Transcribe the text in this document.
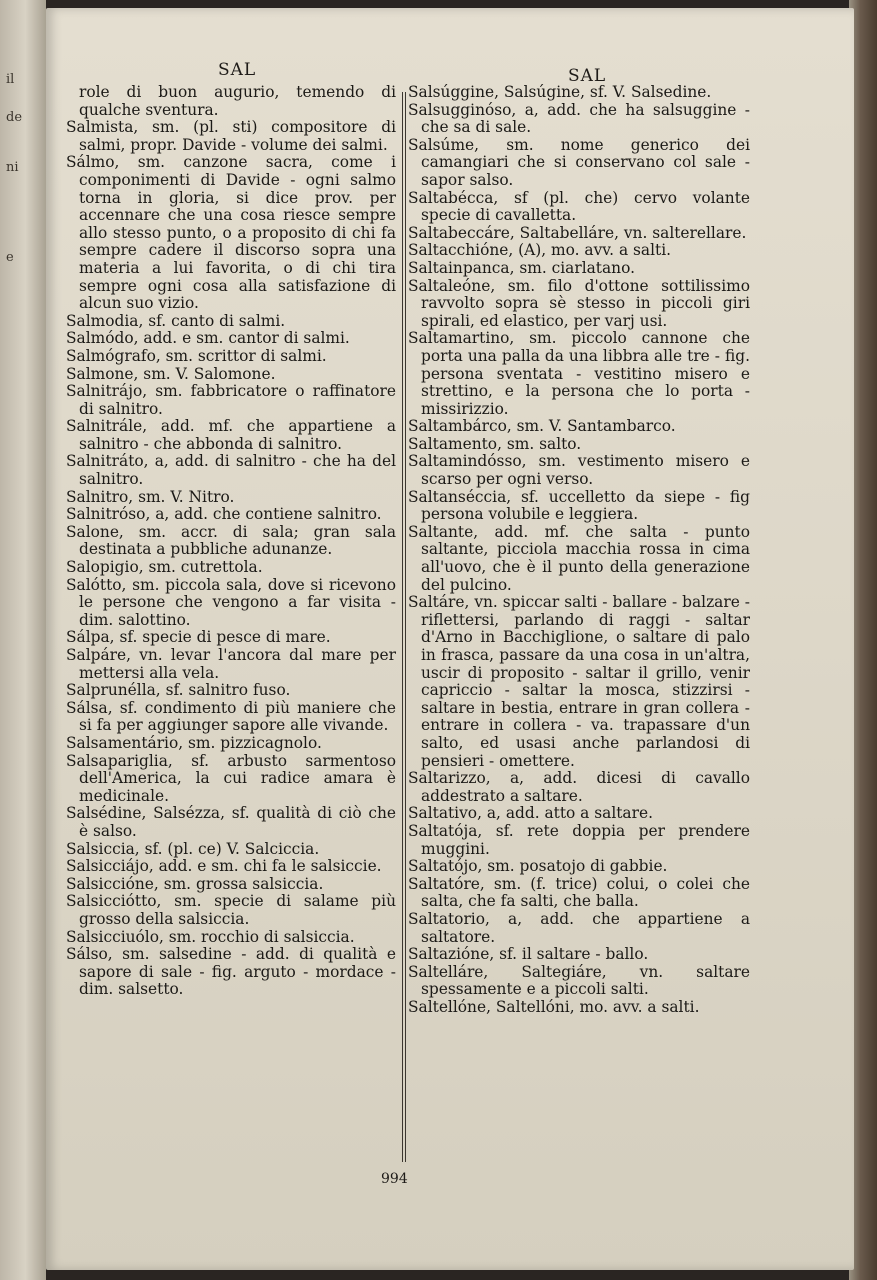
il
de
ni
e
SAL	SAL

role di buon augurio, temendo di qualche sventura.

Salmista, sm. (pl. sti) compositore di salmi, propr. Davide - volume dei salmi.

Sálmo, sm. canzone sacra, come i componimenti di Davide - ogni salmo torna in gloria, si dice prov. per accennare che una cosa riesce sempre allo stesso punto, o a proposito di chi fa sempre cadere il discorso sopra una materia a lui favorita, o di chi tira sempre ogni cosa alla satisfazione di alcun suo vizio.

Salmodia, sf. canto di salmi.

Salmódo, add. e sm. cantor di salmi.

Salmógrafo, sm. scrittor di salmi.

Salmone, sm. V. Salomone.

Salnitrájo, sm. fabbricatore o raffinatore di salnitro.

Salnitrále, add. mf. che appartiene a salnitro - che abbonda di salnitro.

Salnitráto, a, add. di salnitro - che ha del salnitro.

Salnitro, sm. V. Nitro.

Salnitróso, a, add. che contiene salnitro.

Salone, sm. accr. di sala; gran sala destinata a pubbliche adunanze.

Salopigio, sm. cutrettola.

Salótto, sm. piccola sala, dove si ricevono le persone che vengono a far visita - dim. salottino.

Sálpa, sf. specie di pesce di mare.

Salpáre, vn. levar l'ancora dal mare per mettersi alla vela.

Salprunélla, sf. salnitro fuso.

Sálsa, sf. condimento di più maniere che si fa per aggiunger sapore alle vivande.

Salsamentário, sm. pizzicagnolo.

Salsapariglia, sf. arbusto sarmentoso dell'America, la cui radice amara è medicinale.

Salsédine, Salsézza, sf. qualità di ciò che è salso.

Salsiccia, sf. (pl. ce) V. Salciccia.

Salsicciájo, add. e sm. chi fa le salsiccie.

Salsiccióne, sm. grossa salsiccia.

Salsicciótto, sm. specie di salame più grosso della salsiccia.

Salsicciuólo, sm. rocchio di salsiccia.

Sálso, sm. salsedine - add. di qualità e sapore di sale - fig. arguto - mordace - dim. salsetto.

Salsúggine, Salsúgine, sf. V. Salsedine.

Salsugginóso, a, add. che ha salsuggine - che sa di sale.

Salsúme, sm. nome generico dei camangiari che si conservano col sale - sapor salso.

Saltabécca, sf (pl. che) cervo volante specie di cavalletta.

Saltabeccáre, Saltabelláre, vn. salterellare.

Saltacchióne, (A), mo. avv. a salti.

Saltainpanca, sm. ciarlatano.

Saltaleóne, sm. filo d'ottone sottilissimo ravvolto sopra sè stesso in piccoli giri spirali, ed elastico, per varj usi.

Saltamartino, sm. piccolo cannone che porta una palla da una libbra alle tre - fig. persona sventata - vestitino misero e strettino, e la persona che lo porta - missirizzio.

Saltambárco, sm. V. Santambarco.

Saltamento, sm. salto.

Saltamindósso, sm. vestimento misero e scarso per ogni verso.

Saltanséccia, sf. uccelletto da siepe - fig persona volubile e leggiera.

Saltante, add. mf. che salta - punto saltante, picciola macchia rossa in cima all'uovo, che è il punto della generazione del pulcino.

Saltáre, vn. spiccar salti - ballare - balzare - riflettersi, parlando di raggi - saltar d'Arno in Bacchiglione, o saltare di palo in frasca, passare da una cosa in un'altra, uscir di proposito - saltar il grillo, venir capriccio - saltar la mosca, stizzirsi - saltare in bestia, entrare in gran collera - entrare in collera - va. trapassare d'un salto, ed usasi anche parlandosi di pensieri - omettere.

Saltarizzo, a, add. dicesi di cavallo addestrato a saltare.

Saltativo, a, add. atto a saltare.

Saltatója, sf. rete doppia per prendere muggini.

Saltatójo, sm. posatojo di gabbie.

Saltatóre, sm. (f. trice) colui, o colei che salta, che fa salti, che balla.

Saltatorio, a, add. che appartiene a saltatore.

Saltazióne, sf. il saltare - ballo.

Saltelláre, Saltegiáre, vn. saltare spessamente e a piccoli salti.

Saltellóne, Saltellóni, mo. avv. a salti.

994
